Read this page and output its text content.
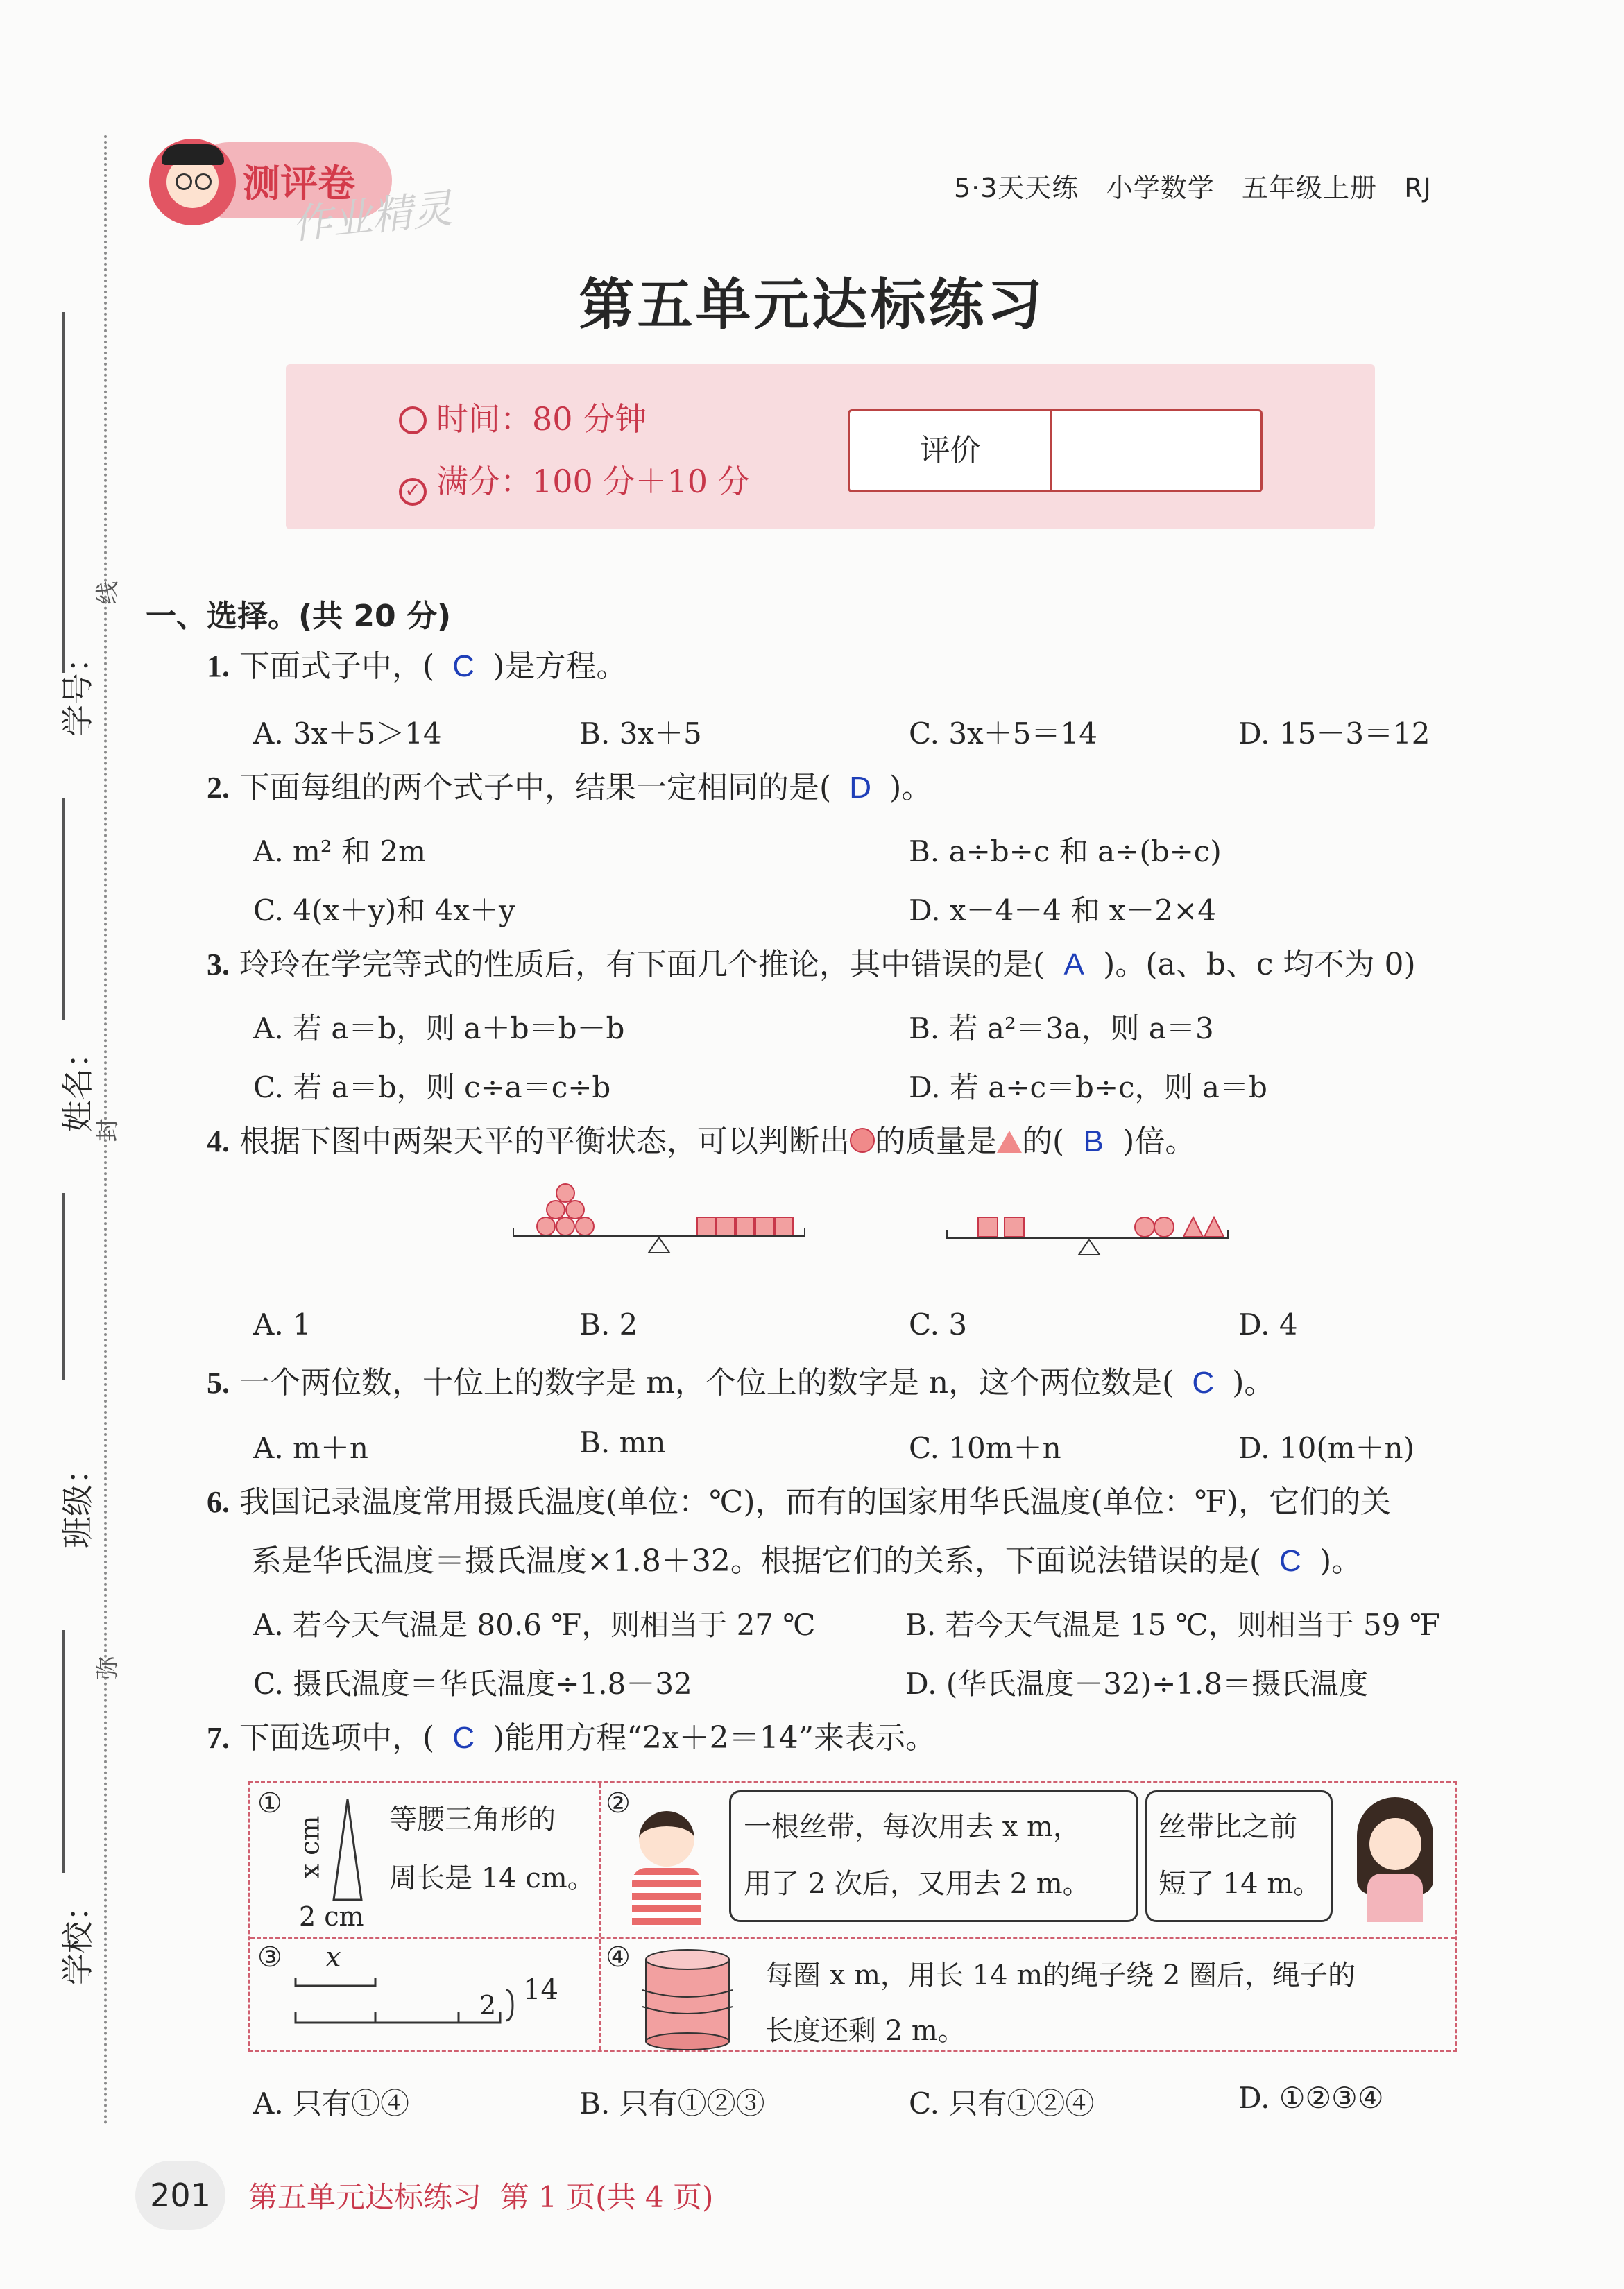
学号：
姓名：
班级：
学校：
线
封
弥
测评卷
作业精灵	5·3天天练 小学数学 五年级上册 RJ
第五单元达标练习
时间：80 分钟
✓ 满分：100 分＋10 分
评价
一、选择。(共 20 分)
1. 下面式子中，( C )是方程。
A. 3x＋5＞14	B. 3x＋5	C. 3x＋5＝14	D. 15－3＝12
2. 下面每组的两个式子中，结果一定相同的是( D )。
A. m² 和 2m	B. a÷b÷c 和 a÷(b÷c)
C. 4(x＋y)和 4x＋y	D. x－4－4 和 x－2×4
3. 玲玲在学完等式的性质后，有下面几个推论，其中错误的是( A )。(a、b、c 均不为 0)
A. 若 a＝b，则 a＋b＝b－b	B. 若 a²＝3a，则 a＝3
C. 若 a＝b，则 c÷a＝c÷b	D. 若 a÷c＝b÷c，则 a＝b
4. 根据下图中两架天平的平衡状态，可以判断出 的质量是 的( B )倍。
A. 1	B. 2	C. 3	D. 4
5. 一个两位数，十位上的数字是 m，个位上的数字是 n，这个两位数是( C )。
A. m＋n	B. mn	C. 10m＋n	D. 10(m＋n)
6. 我国记录温度常用摄氏温度(单位：℃)，而有的国家用华氏温度(单位：℉)，它们的关
系是华氏温度＝摄氏温度×1.8＋32。根据它们的关系，下面说法错误的是( C )。
A. 若今天气温是 80.6 ℉，则相当于 27 ℃	B. 若今天气温是 15 ℃，则相当于 59 ℉
C. 摄氏温度＝华氏温度÷1.8－32	D. (华氏温度－32)÷1.8＝摄氏温度
7. 下面选项中，( C )能用方程“2x＋2＝14”来表示。
①
x cm
2 cm
等腰三角形的
周长是 14 cm。
②
一根丝带，每次用去 x m，
用了 2 次后，又用去 2 m。
丝带比之前
短了 14 m。
③ x
2 14
④
每圈 x m，用长 14 m的绳子绕 2 圈后，绳子的
长度还剩 2 m。
A. 只有①④	B. 只有①②③	C. 只有①②④	D. ①②③④
201	第五单元达标练习 第 1 页(共 4 页)
